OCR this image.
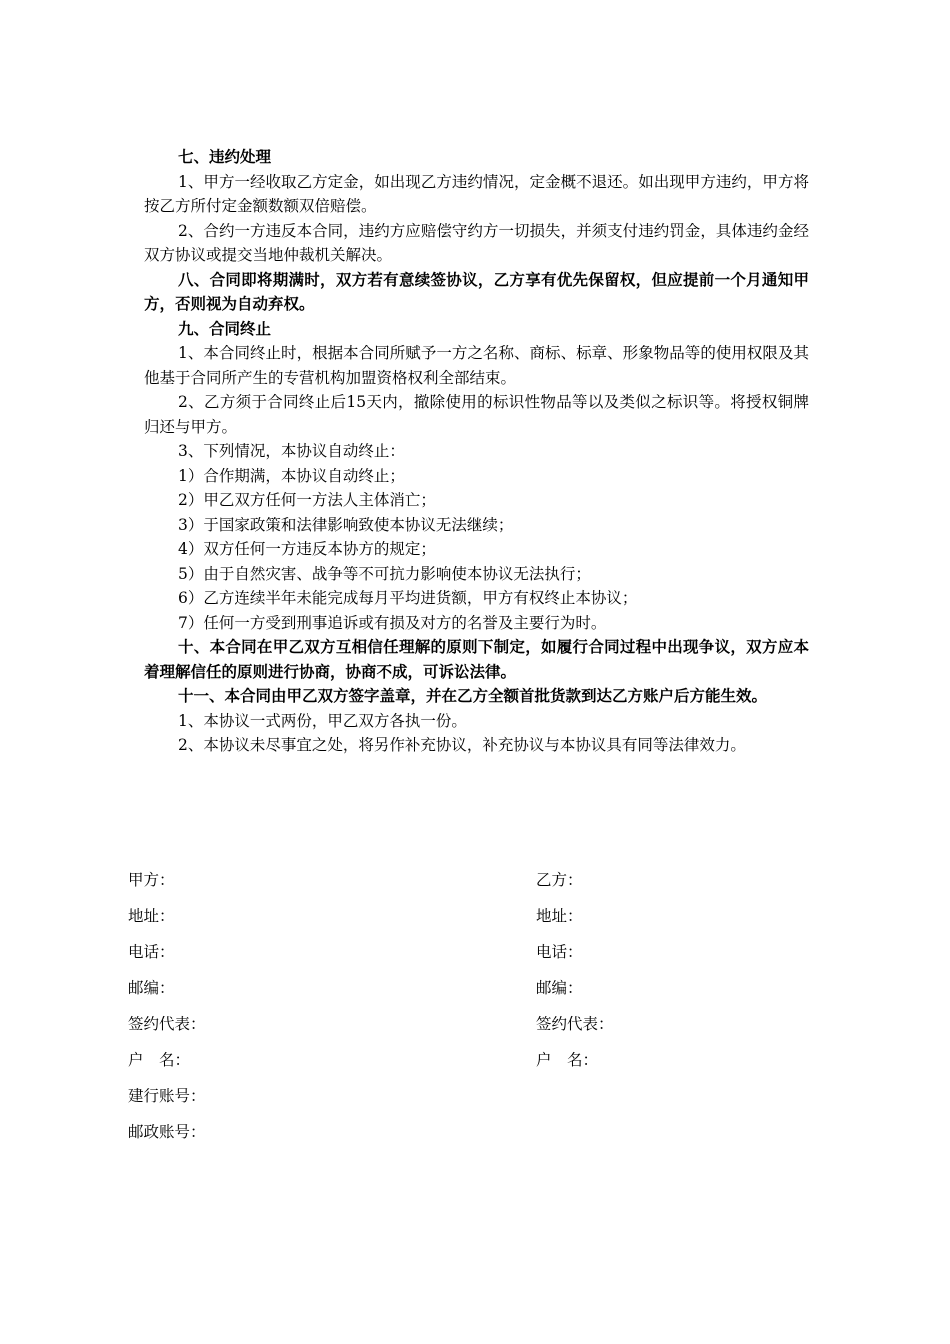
七、违约处理

1、甲方一经收取乙方定金，如出现乙方违约情况，定金概不退还。如出现甲方违约，甲方将按乙方所付定金额数额双倍赔偿。

2、合约一方违反本合同，违约方应赔偿守约方一切损失，并须支付违约罚金，具体违约金经双方协议或提交当地仲裁机关解决。

八、合同即将期满时，双方若有意续签协议，乙方享有优先保留权，但应提前一个月通知甲方，否则视为自动弃权。

九、合同终止

1、本合同终止时，根据本合同所赋予一方之名称、商标、标章、形象物品等的使用权限及其他基于合同所产生的专营机构加盟资格权利全部结束。

2、乙方须于合同终止后15天内，撤除使用的标识性物品等以及类似之标识等。将授权铜牌归还与甲方。

3、下列情况，本协议自动终止：

1）合作期满，本协议自动终止；

2）甲乙双方任何一方法人主体消亡；

3）于国家政策和法律影响致使本协议无法继续；

4）双方任何一方违反本协方的规定；

5）由于自然灾害、战争等不可抗力影响使本协议无法执行；

6）乙方连续半年未能完成每月平均进货额，甲方有权终止本协议；

7）任何一方受到刑事追诉或有损及对方的名誉及主要行为时。

十、本合同在甲乙双方互相信任理解的原则下制定，如履行合同过程中出现争议，双方应本着理解信任的原则进行协商，协商不成，可诉讼法律。

十一、本合同由甲乙双方签字盖章，并在乙方全额首批货款到达乙方账户后方能生效。

1、本协议一式两份，甲乙双方各执一份。

2、本协议未尽事宜之处，将另作补充协议，补充协议与本协议具有同等法律效力。

甲方：	乙方：
地址：	地址：
电话：	电话：
邮编：	邮编：
签约代表：	签约代表：
户　名：	户　名：
建行账号：
邮政账号：
